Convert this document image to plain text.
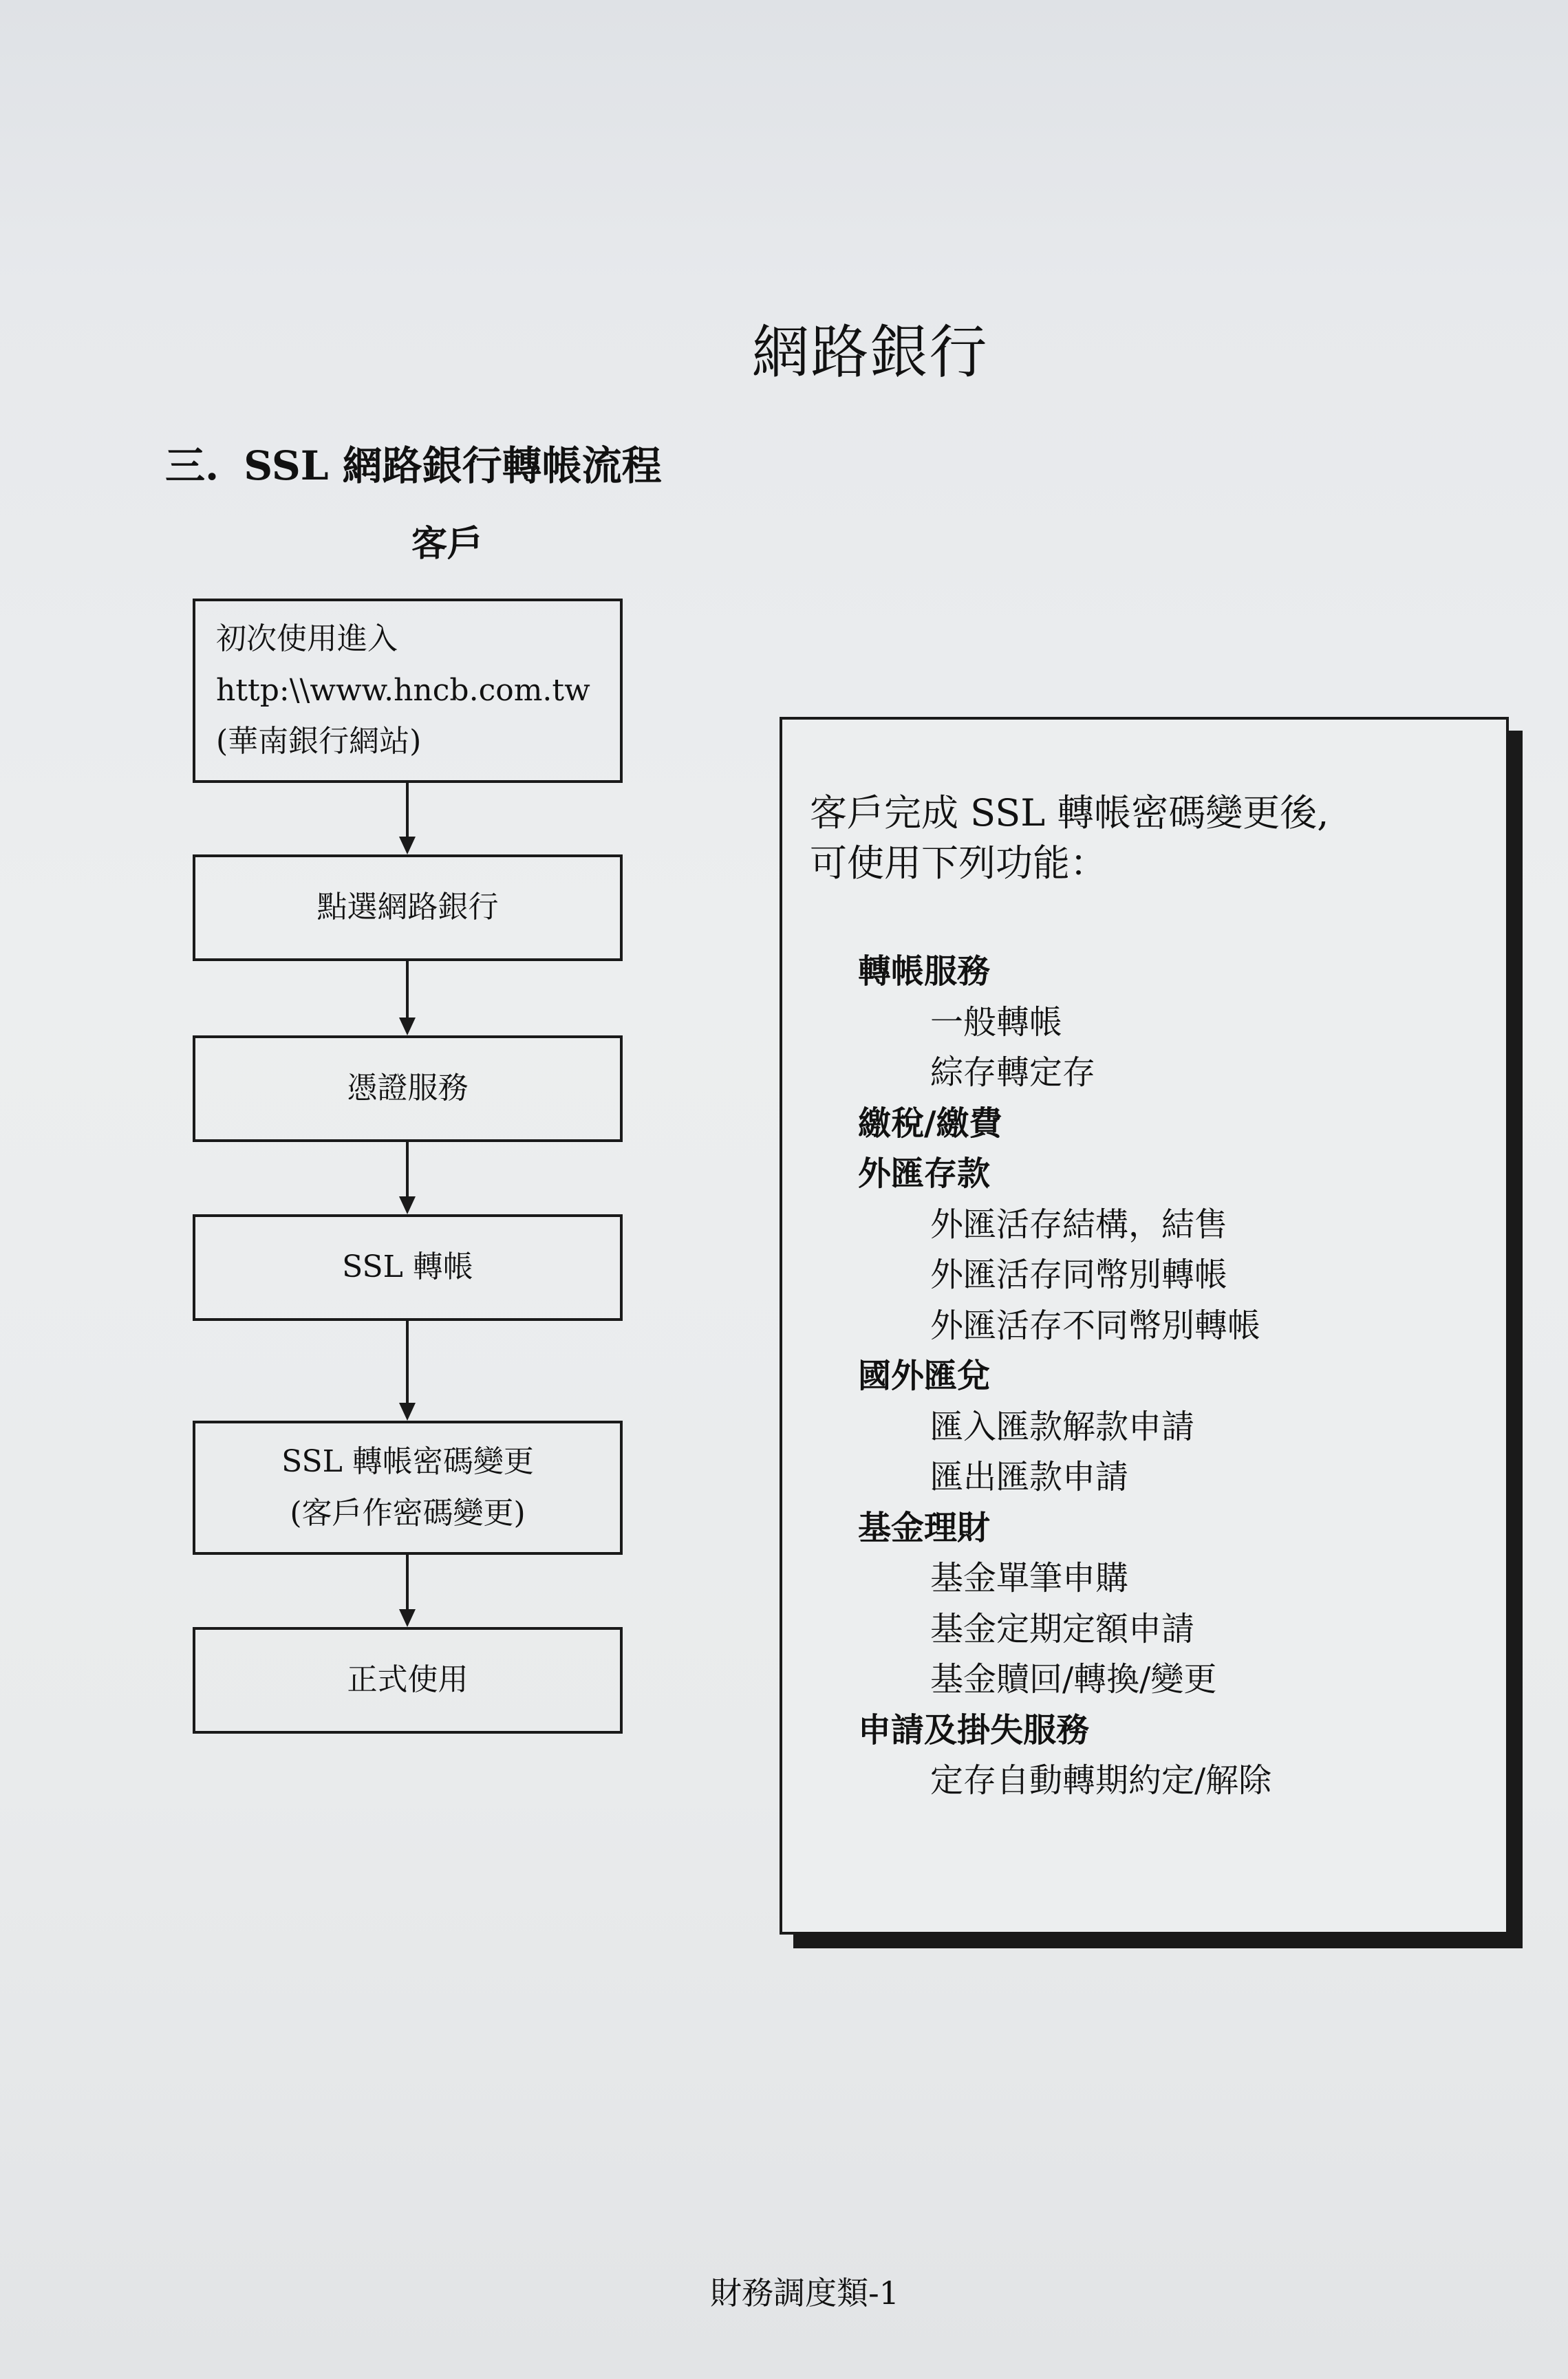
網路銀行
三. SSL 網路銀行轉帳流程
客戶
初次使用進入
http:\\www.hncb.com.tw
(華南銀行網站)
點選網路銀行
憑證服務
SSL 轉帳
SSL 轉帳密碼變更
(客戶作密碼變更)
正式使用
客戶完成 SSL 轉帳密碼變更後,
可使用下列功能：
轉帳服務
一般轉帳
綜存轉定存
繳稅/繳費
外匯存款
外匯活存結構，結售
外匯活存同幣別轉帳
外匯活存不同幣別轉帳
國外匯兌
匯入匯款解款申請
匯出匯款申請
基金理財
基金單筆申購
基金定期定額申請
基金贖回/轉換/變更
申請及掛失服務
定存自動轉期約定/解除
財務調度類-1
